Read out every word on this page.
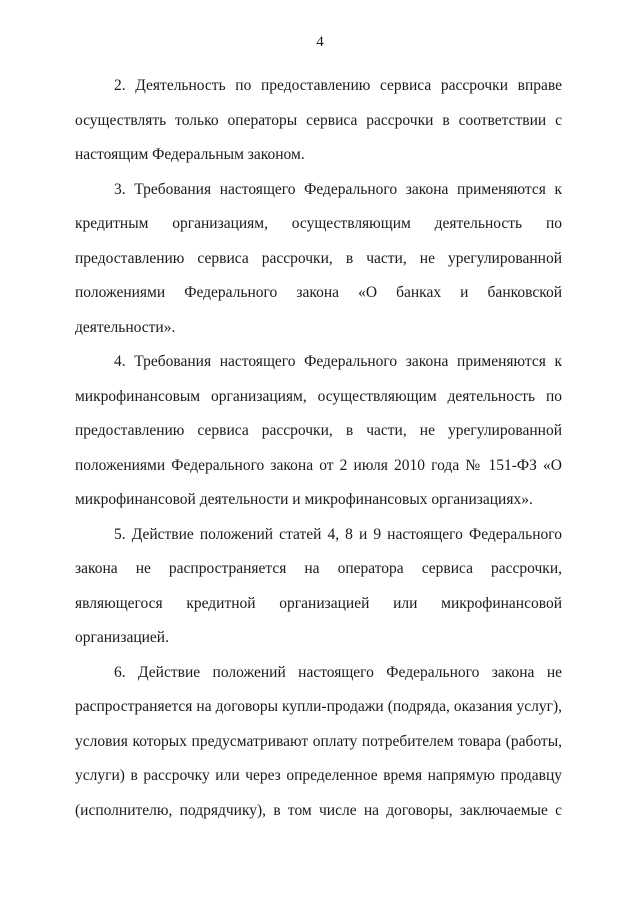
4

2. Деятельность по предоставлению сервиса рассрочки вправе осуществлять только операторы сервиса рассрочки в соответствии с настоящим Федеральным законом.

3. Требования настоящего Федерального закона применяются к кредитным организациям, осуществляющим деятельность по предоставлению сервиса рассрочки, в части, не урегулированной положениями Федерального закона «О банках и банковской деятельности».

4. Требования настоящего Федерального закона применяются к микрофинансовым организациям, осуществляющим деятельность по предоставлению сервиса рассрочки, в части, не урегулированной положениями Федерального закона от 2 июля 2010 года № 151-ФЗ «О микрофинансовой деятельности и микрофинансовых организациях».

5. Действие положений статей 4, 8 и 9 настоящего Федерального закона не распространяется на оператора сервиса рассрочки, являющегося кредитной организацией или микрофинансовой организацией.

6. Действие положений настоящего Федерального закона не распространяется на договоры купли-продажи (подряда, оказания услуг), условия которых предусматривают оплату потребителем товара (работы, услуги) в рассрочку или через определенное время напрямую продавцу (исполнителю, подрядчику), в том числе на договоры, заключаемые с
